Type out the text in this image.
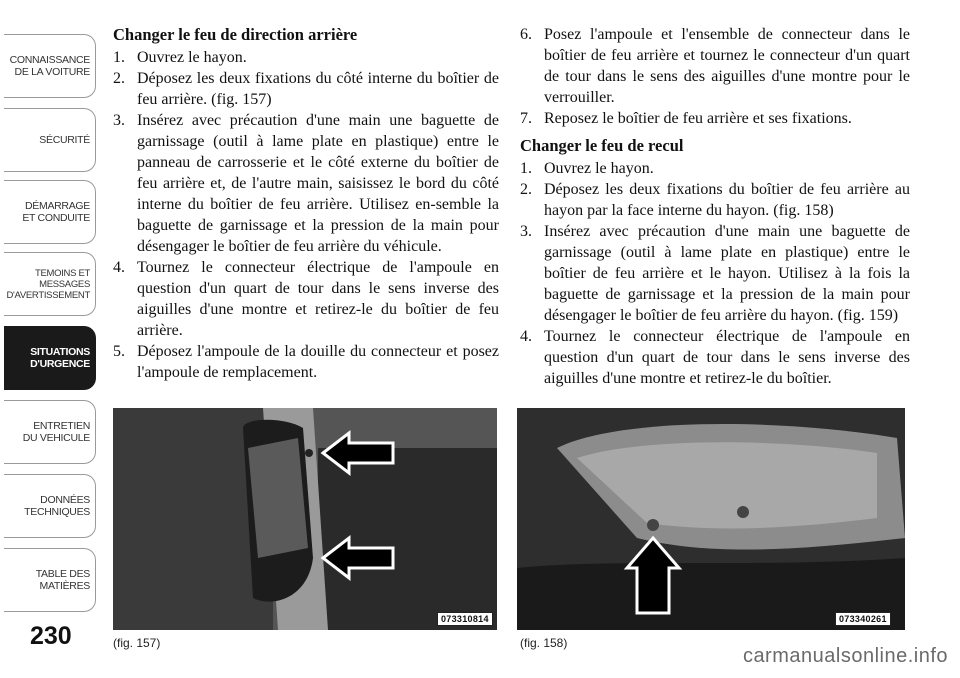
CONNAISSANCE
DE LA VOITURE
SÉCURITÉ
DÉMARRAGE
ET CONDUITE
TEMOINS ET
MESSAGES
D'AVERTISSEMENT
SITUATIONS
D'URGENCE
ENTRETIEN
DU VEHICULE
DONNÉES
TECHNIQUES
TABLE DES
MATIÈRES
230
Changer le feu de direction arrière
1. Ouvrez le hayon.
2. Déposez les deux fixations du côté interne du boîtier de feu arrière. (fig. 157)
3. Insérez avec précaution d'une main une baguette de garnissage (outil à lame plate en plastique) entre le panneau de carrosserie et le côté externe du boîtier de feu arrière et, de l'autre main, saisissez le bord du côté interne du boîtier de feu arrière. Utilisez en-semble la baguette de garnissage et la pression de la main pour désengager le boîtier de feu arrière du véhicule.
4. Tournez le connecteur électrique de l'ampoule en question d'un quart de tour dans le sens inverse des aiguilles d'une montre et retirez-le du boîtier de feu arrière.
5. Déposez l'ampoule de la douille du connecteur et posez l'ampoule de remplacement.
6. Posez l'ampoule et l'ensemble de connecteur dans le boîtier de feu arrière et tournez le connecteur d'un quart de tour dans le sens des aiguilles d'une montre pour le verrouiller.
7. Reposez le boîtier de feu arrière et ses fixations.
Changer le feu de recul
1. Ouvrez le hayon.
2. Déposez les deux fixations du boîtier de feu arrière au hayon par la face interne du hayon. (fig. 158)
3. Insérez avec précaution d'une main une baguette de garnissage (outil à lame plate en plastique) entre le boîtier de feu arrière et le hayon. Utilisez à la fois la baguette de garnissage et la pression de la main pour désengager le boîtier de feu arrière du hayon. (fig. 159)
4. Tournez le connecteur électrique de l'ampoule en question d'un quart de tour dans le sens inverse des aiguilles d'une montre et retirez-le du boîtier.
073310814
(fig. 157)
073340261
(fig. 158)
carmanualsonline.info
